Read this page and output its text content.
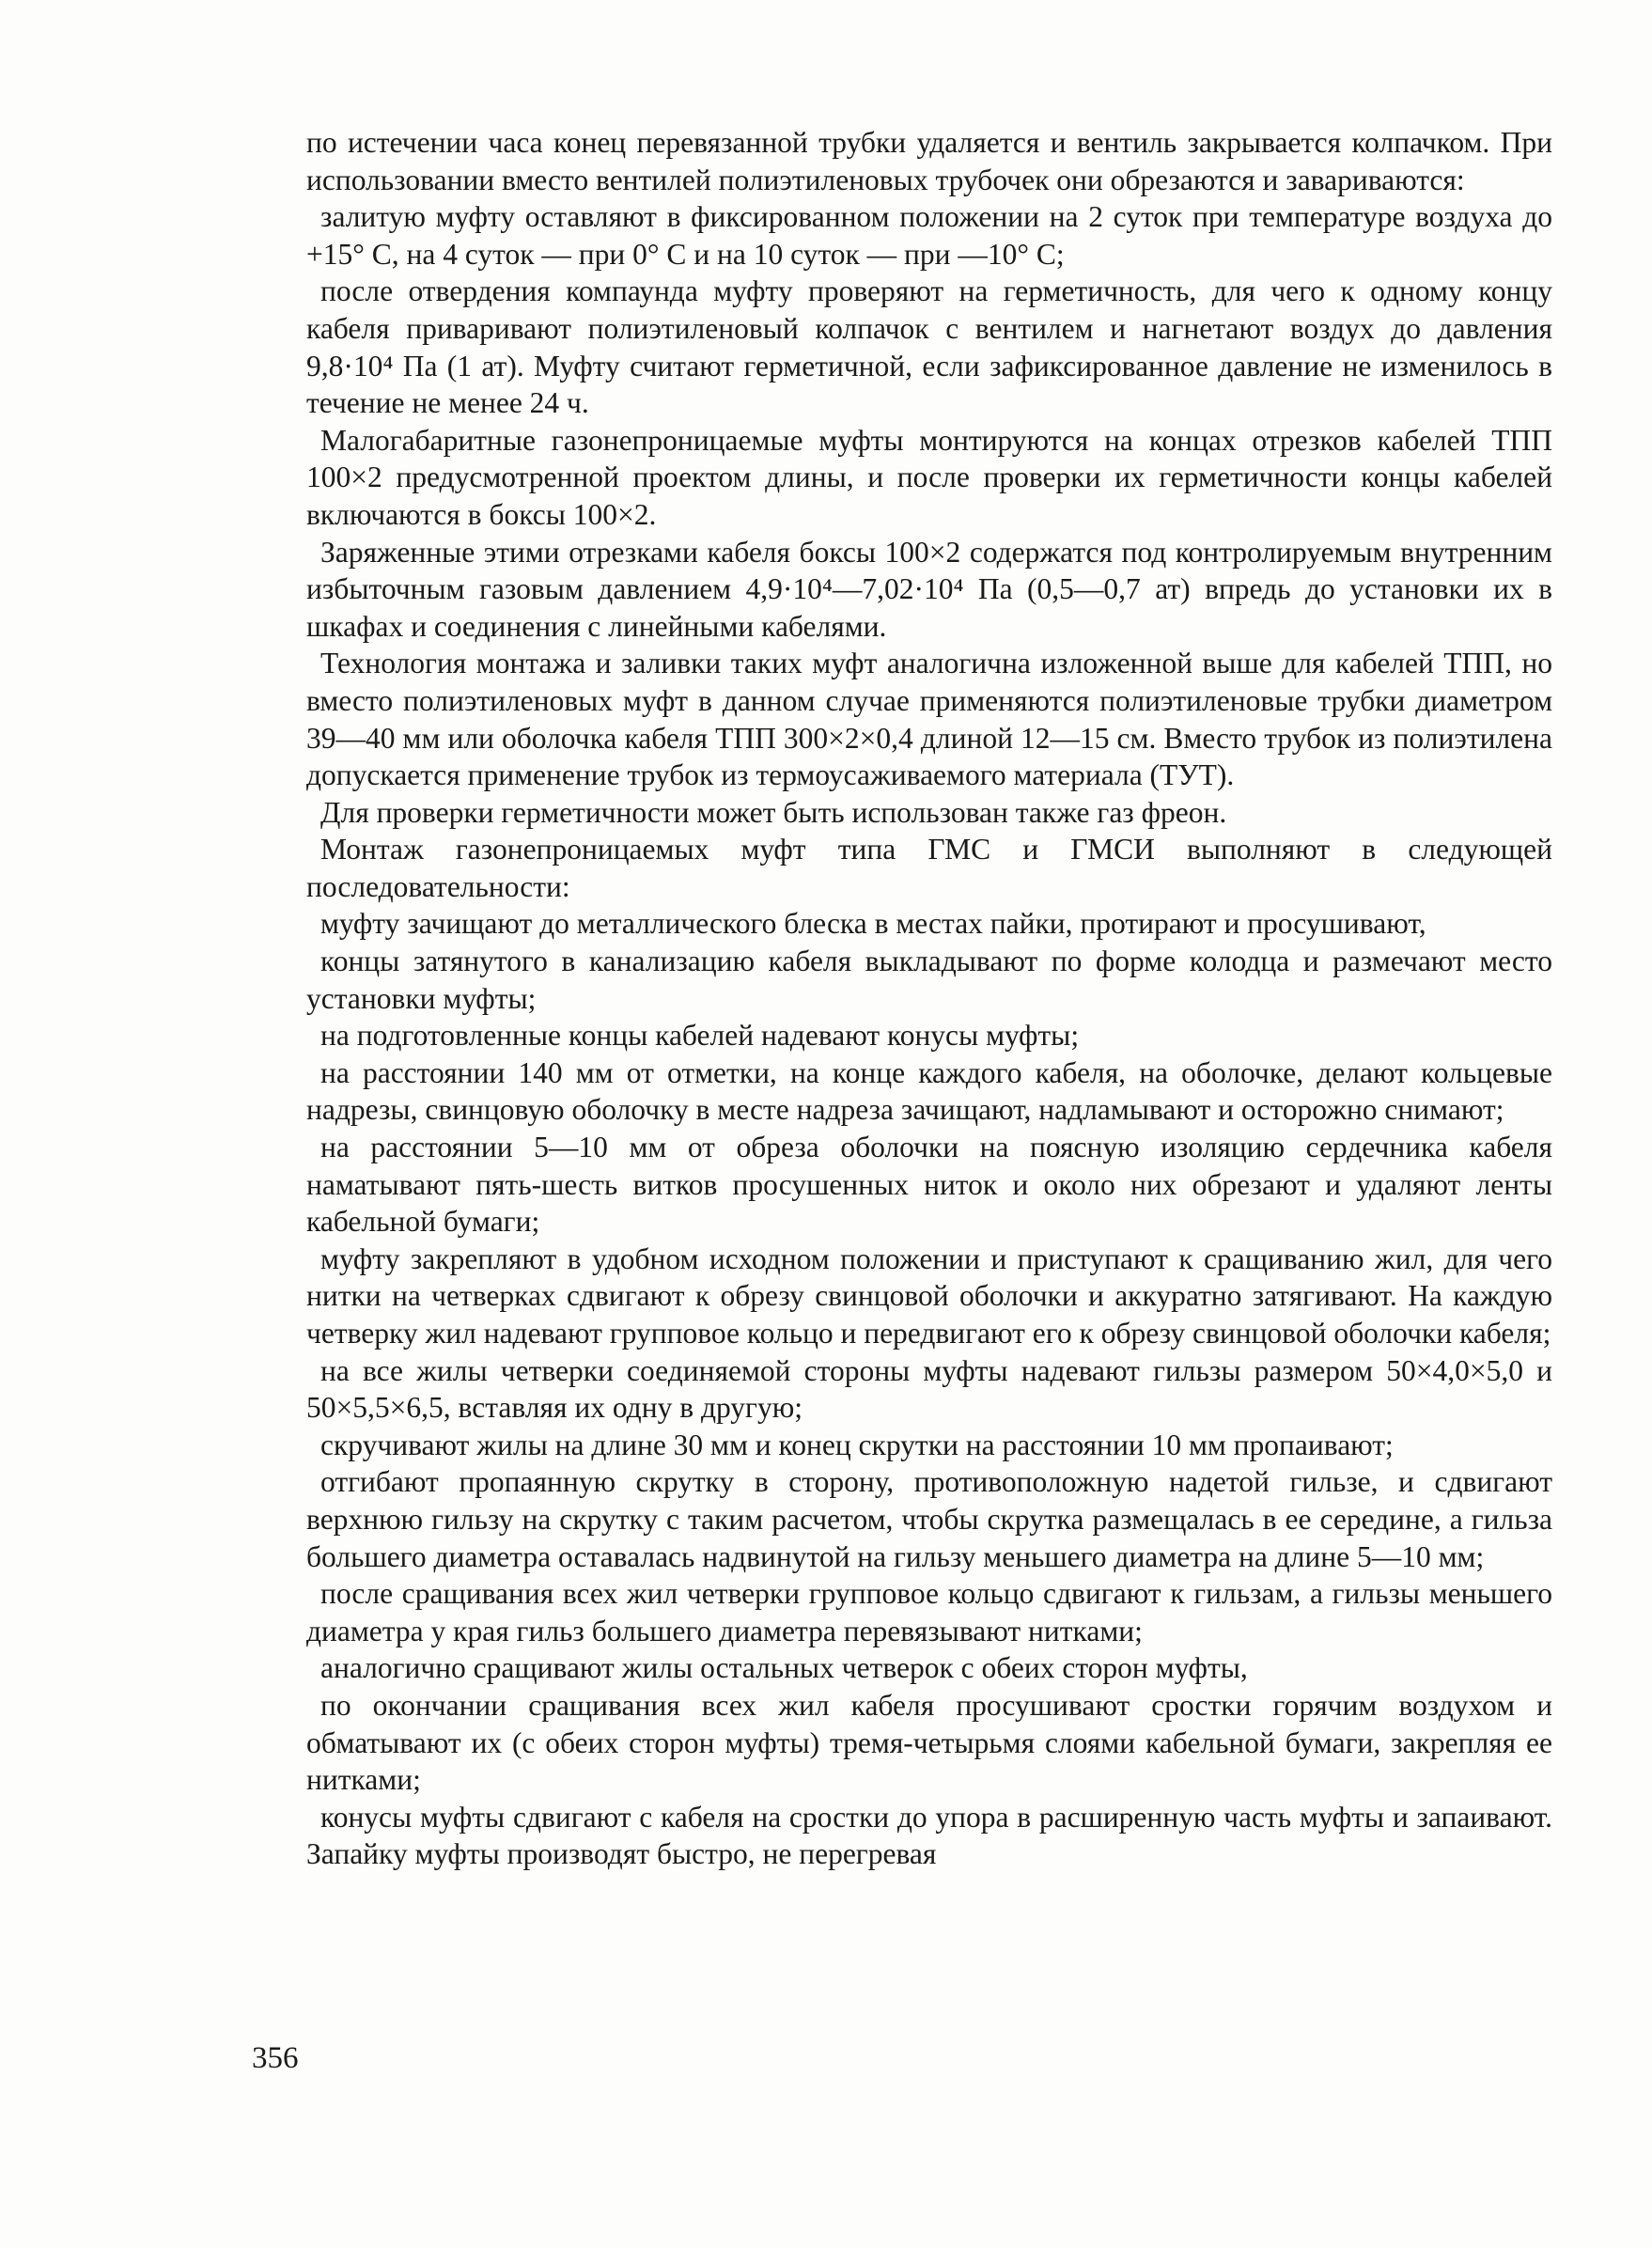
по истечении часа конец перевязанной трубки удаляется и вентиль закрывается колпачком. При использовании вместо вентилей полиэтиленовых трубочек они обрезаются и завариваются:

залитую муфту оставляют в фиксированном положении на 2 суток при температуре воздуха до +15° С, на 4 суток — при 0° С и на 10 суток — при —10° С;

после отвердения компаунда муфту проверяют на герметичность, для чего к одному концу кабеля приваривают полиэтиленовый колпачок с вентилем и нагнетают воздух до давления 9,8·10⁴ Па (1 ат). Муфту считают герметичной, если зафиксированное давление не изменилось в течение не менее 24 ч.

Малогабаритные газонепроницаемые муфты монтируются на концах отрезков кабелей ТПП 100×2 предусмотренной проектом длины, и после проверки их герметичности концы кабелей включаются в боксы 100×2.

Заряженные этими отрезками кабеля боксы 100×2 содержатся под контролируемым внутренним избыточным газовым давлением 4,9·10⁴—7,02·10⁴ Па (0,5—0,7 ат) впредь до установки их в шкафах и соединения с линейными кабелями.

Технология монтажа и заливки таких муфт аналогична изложенной выше для кабелей ТПП, но вместо полиэтиленовых муфт в данном случае применяются полиэтиленовые трубки диаметром 39—40 мм или оболочка кабеля ТПП 300×2×0,4 длиной 12—15 см. Вместо трубок из полиэтилена допускается применение трубок из термоусаживаемого материала (ТУТ).

Для проверки герметичности может быть использован также газ фреон.

Монтаж газонепроницаемых муфт типа ГМС и ГМСИ выполняют в следующей последовательности:

муфту зачищают до металлического блеска в местах пайки, протирают и просушивают,

концы затянутого в канализацию кабеля выкладывают по форме колодца и размечают место установки муфты;

на подготовленные концы кабелей надевают конусы муфты;

на расстоянии 140 мм от отметки, на конце каждого кабеля, на оболочке, делают кольцевые надрезы, свинцовую оболочку в месте надреза зачищают, надламывают и осторожно снимают;

на расстоянии 5—10 мм от обреза оболочки на поясную изоляцию сердечника кабеля наматывают пять-шесть витков просушенных ниток и около них обрезают и удаляют ленты кабельной бумаги;

муфту закрепляют в удобном исходном положении и приступают к сращиванию жил, для чего нитки на четверках сдвигают к обрезу свинцовой оболочки и аккуратно затягивают. На каждую четверку жил надевают групповое кольцо и передвигают его к обрезу свинцовой оболочки кабеля;

на все жилы четверки соединяемой стороны муфты надевают гильзы размером 50×4,0×5,0 и 50×5,5×6,5, вставляя их одну в другую;

скручивают жилы на длине 30 мм и конец скрутки на расстоянии 10 мм пропаивают;

отгибают пропаянную скрутку в сторону, противоположную надетой гильзе, и сдвигают верхнюю гильзу на скрутку с таким расчетом, чтобы скрутка размещалась в ее середине, а гильза большего диаметра оставалась надвинутой на гильзу меньшего диаметра на длине 5—10 мм;

после сращивания всех жил четверки групповое кольцо сдвигают к гильзам, а гильзы меньшего диаметра у края гильз большего диаметра перевязывают нитками;

аналогично сращивают жилы остальных четверок с обеих сторон муфты,

по окончании сращивания всех жил кабеля просушивают сростки горячим воздухом и обматывают их (с обеих сторон муфты) тремя-четырьмя слоями кабельной бумаги, закрепляя ее нитками;

конусы муфты сдвигают с кабеля на сростки до упора в расширенную часть муфты и запаивают. Запайку муфты производят быстро, не перегревая

356
